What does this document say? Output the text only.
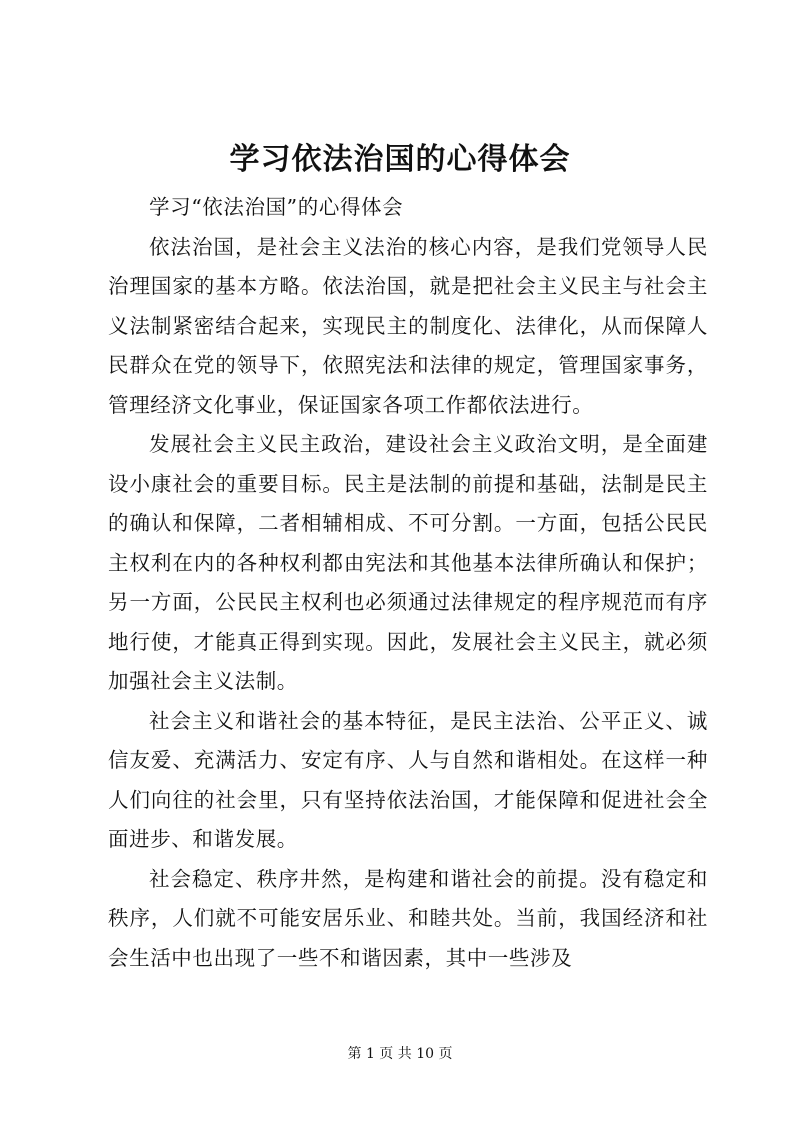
学习依法治国的心得体会

学习“依法治国”的心得体会

依法治国，是社会主义法治的核心内容，是我们党领导人民治理国家的基本方略。依法治国，就是把社会主义民主与社会主义法制紧密结合起来，实现民主的制度化、法律化，从而保障人民群众在党的领导下，依照宪法和法律的规定，管理国家事务，管理经济文化事业，保证国家各项工作都依法进行。

发展社会主义民主政治，建设社会主义政治文明，是全面建设小康社会的重要目标。民主是法制的前提和基础，法制是民主的确认和保障，二者相辅相成、不可分割。一方面，包括公民民主权利在内的各种权利都由宪法和其他基本法律所确认和保护；另一方面，公民民主权利也必须通过法律规定的程序规范而有序地行使，才能真正得到实现。因此，发展社会主义民主，就必须加强社会主义法制。

社会主义和谐社会的基本特征，是民主法治、公平正义、诚信友爱、充满活力、安定有序、人与自然和谐相处。在这样一种人们向往的社会里，只有坚持依法治国，才能保障和促进社会全面进步、和谐发展。

社会稳定、秩序井然，是构建和谐社会的前提。没有稳定和秩序，人们就不可能安居乐业、和睦共处。当前，我国经济和社会生活中也出现了一些不和谐因素，其中一些涉及

第 1 页 共 10 页
